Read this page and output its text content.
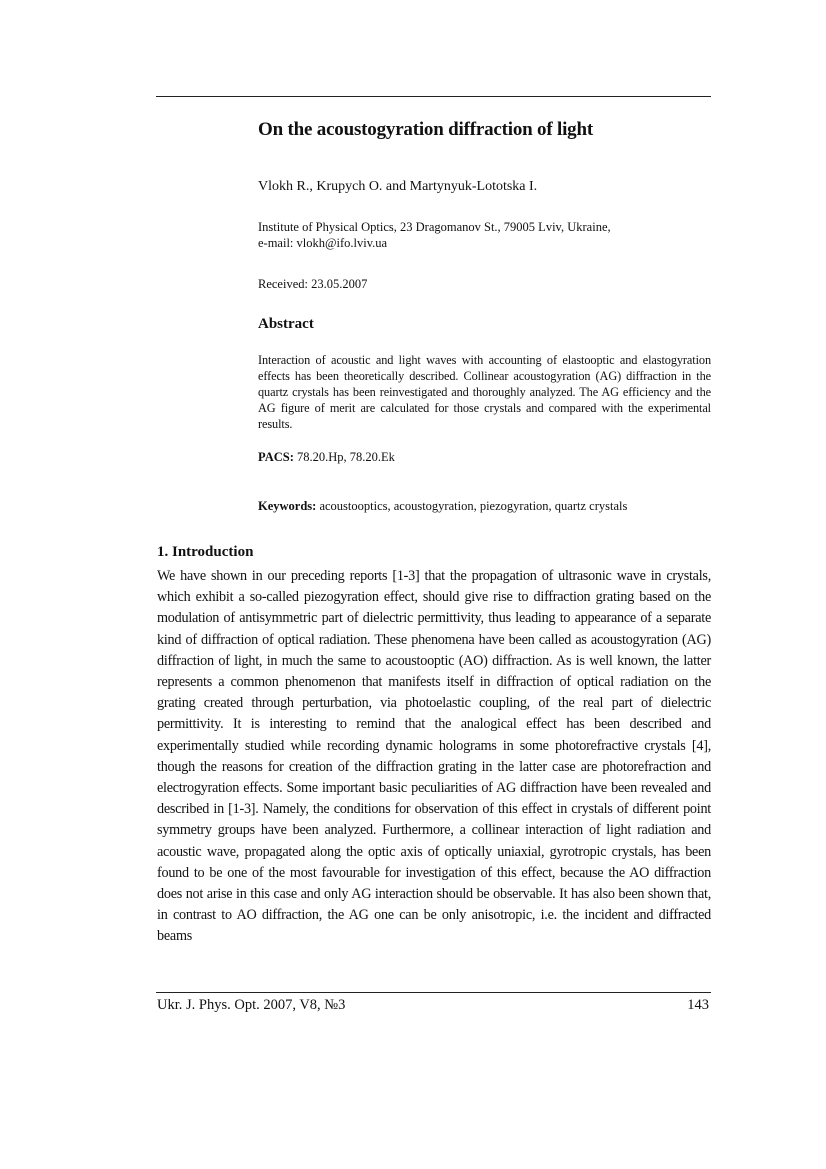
On the acoustogyration diffraction of light
Vlokh R., Krupych O. and Martynyuk-Lototska I.
Institute of Physical Optics, 23 Dragomanov St., 79005 Lviv, Ukraine,
e-mail: vlokh@ifo.lviv.ua
Received: 23.05.2007
Abstract
Interaction of acoustic and light waves with accounting of elastooptic and elastogyration effects has been theoretically described. Collinear acoustogyration (AG) diffraction in the quartz crystals has been reinvestigated and thoroughly analyzed. The AG efficiency and the AG figure of merit are calculated for those crystals and compared with the experimental results.
PACS: 78.20.Hp, 78.20.Ek
Keywords: acoustooptics, acoustogyration, piezogyration, quartz crystals
1. Introduction
We have shown in our preceding reports [1-3] that the propagation of ultrasonic wave in crystals, which exhibit a so-called piezogyration effect, should give rise to diffraction grating based on the modulation of antisymmetric part of dielectric permittivity, thus leading to appearance of a separate kind of diffraction of optical radiation. These phenomena have been called as acoustogyration (AG) diffraction of light, in much the same to acoustooptic (AO) diffraction. As is well known, the latter represents a common phenomenon that manifests itself in diffraction of optical radiation on the grating created through perturbation, via photoelastic coupling, of the real part of dielectric permittivity. It is interesting to remind that the analogical effect has been described and experimentally studied while recording dynamic holograms in some photorefractive crystals [4], though the reasons for creation of the diffraction grating in the latter case are photorefraction and electrogyration effects. Some important basic peculiarities of AG diffraction have been revealed and described in [1-3]. Namely, the conditions for observation of this effect in crystals of different point symmetry groups have been analyzed. Furthermore, a collinear interaction of light radiation and acoustic wave, propagated along the optic axis of optically uniaxial, gyrotropic crystals, has been found to be one of the most favourable for investigation of this effect, because the AO diffraction does not arise in this case and only AG interaction should be observable. It has also been shown that, in contrast to AO diffraction, the AG one can be only anisotropic, i.e. the incident and diffracted beams
Ukr. J. Phys. Opt. 2007, V8, №3	143
